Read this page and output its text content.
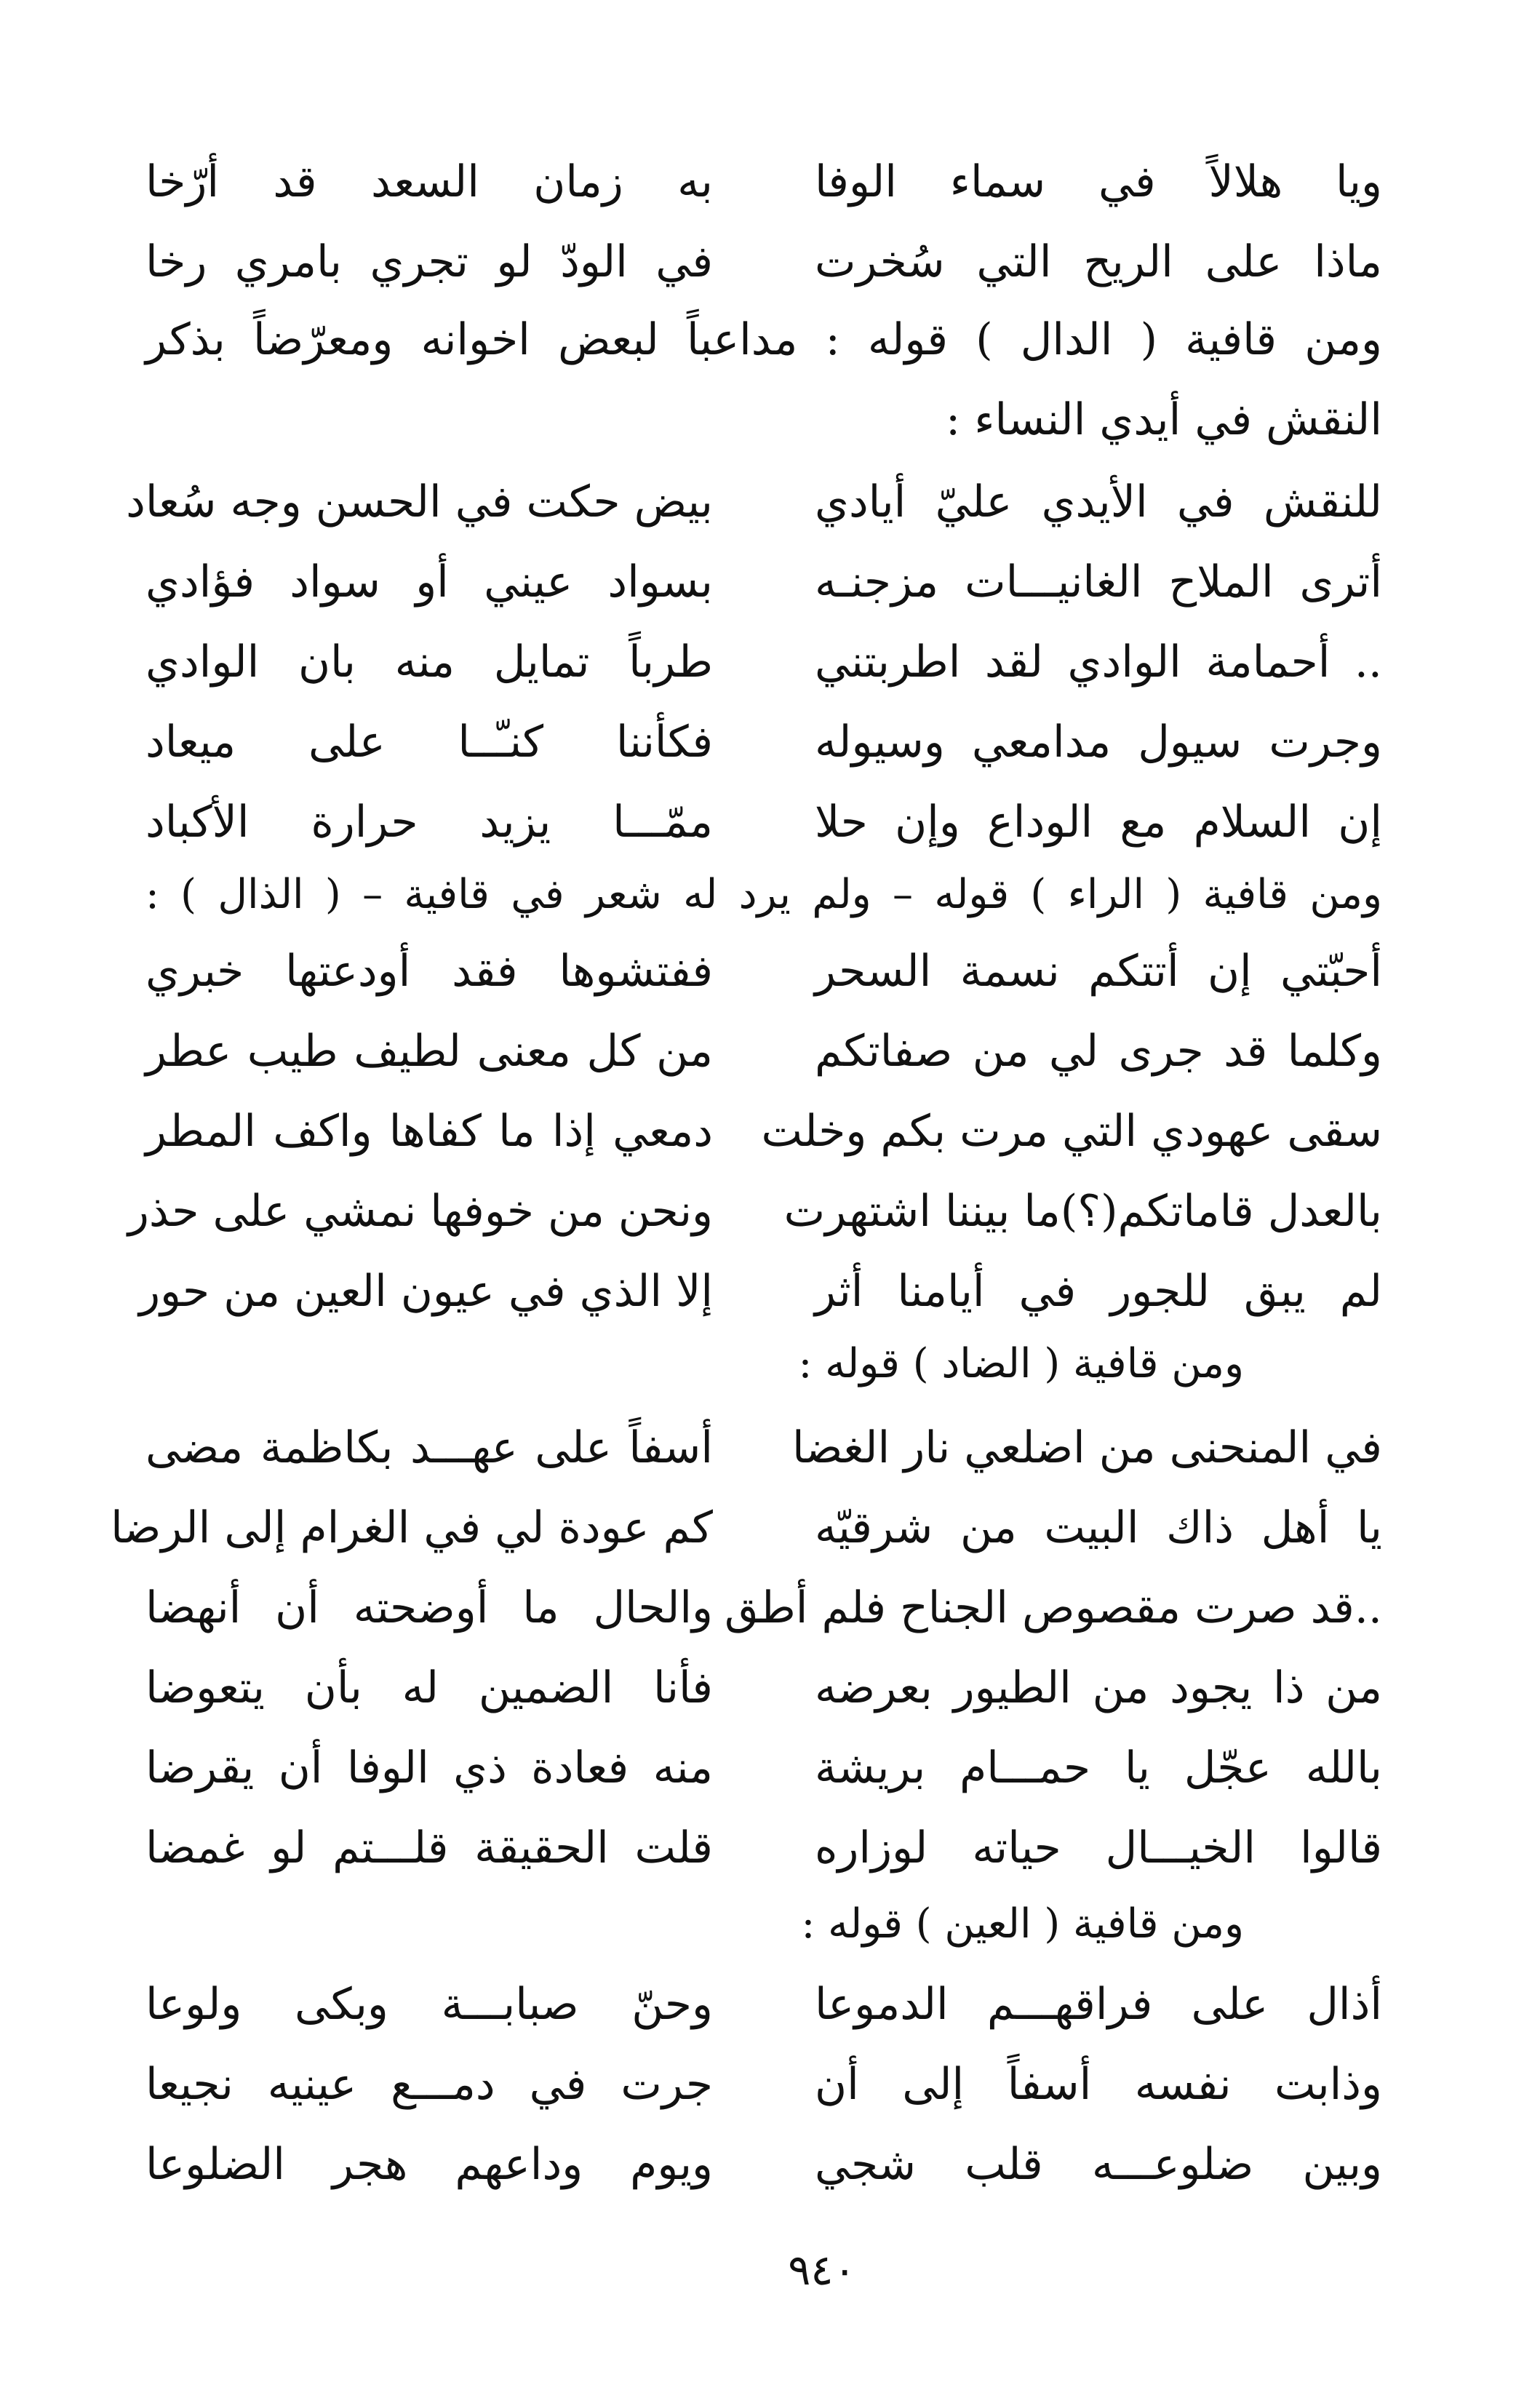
ويا هلالاً في سماء الوفا
به زمان السعد قد أرّخا
ماذا على الريح التي سُخرت
في الودّ لو تجري بامري رخا
ومن قافية ( الدال ) قوله : مداعباً لبعض اخوانه ومعرّضاً بذكر
النقش في أيدي النساء :
للنقش في الأيدي عليّ أيادي
بيض حكت في الحسن وجه سُعاد
أترى الملاح الغانيـــات مزجنـه
بسواد عيني أو سواد فؤادي
.. أحمامة الوادي لقد اطربتني
طرباً تمايل منه بان الوادي
وجرت سيول مدامعي وسيوله
فكأننا كنـّــا على ميعاد
إن السلام مع الوداع وإن حلا
ممّـــا يزيد حرارة الأكباد
ومن قافية ( الراء ) قوله – ولم يرد له شعر في قافية – ( الذال ) :
أحبّتي إن أتتكم نسمة السحر
ففتشوها فقد أودعتها خبري
وكلما قد جرى لي من صفاتكم
من كل معنى لطيف طيب عطر
سقى عهودي التي مرت بكم وخلت
دمعي إذا ما كفاها واكف المطر
بالعدل قاماتكم(؟)ما بيننا اشتهرت
ونحن من خوفها نمشي على حذر
لم يبق للجور في أيامنا أثر
إلا الذي في عيون العين من حور
ومن قافية ( الضاد ) قوله :
في المنحنى من اضلعي نار الغضا
أسفاً على عهـــد بكاظمة مضى
يا أهل ذاك البيت من شرقيّه
كم عودة لي في الغرام إلى الرضا
..قد صرت مقصوص الجناح فلم أطق
والحال ما أوضحته أن أنهضا
من ذا يجود من الطيور بعرضه
فأنا الضمين له بأن يتعوضا
بالله عجّل يا حمـــام بريشة
منه فعادة ذي الوفا أن يقرضا
قالوا الخيـــال حياته لوزاره
قلت الحقيقة قلـــتم لو غمضا
ومن قافية ( العين ) قوله :
أذال على فراقهـــم الدموعا
وحنّ صبابـــة وبكى ولوعا
وذابت نفسه أسفاً إلى أن
جرت في دمـــع عينيه نجيعا
وبين ضلوعـــه قلب شجي
ويوم وداعهم هجر الضلوعا
٩٤٠
